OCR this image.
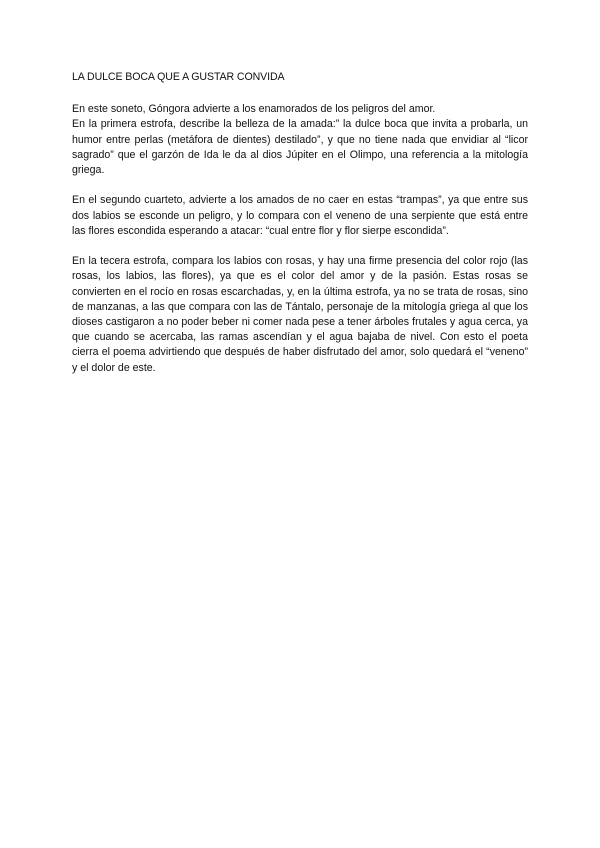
LA DULCE BOCA QUE A GUSTAR CONVIDA

En este soneto, Góngora advierte a los enamorados de los peligros del amor.

En la primera estrofa, describe la belleza de la amada:” la dulce boca que invita a probarla, un humor entre perlas (metáfora de dientes) destilado”, y que no tiene nada que envidiar al “licor sagrado” que el garzón de Ida le da al dios Júpiter en el Olimpo, una referencia a la mitología griega.

En el segundo cuarteto, advierte a los amados de no caer en estas “trampas”, ya que entre sus dos labios se esconde un peligro, y lo compara con el veneno de una serpiente que está entre las flores escondida esperando a atacar: “cual entre flor y flor sierpe escondida”.

En la tecera estrofa, compara los labios con rosas, y hay una firme presencia del color rojo (las rosas, los labios, las flores), ya que es el color del amor y de la pasión. Estas rosas se convierten en el rocío en rosas escarchadas, y, en la última estrofa, ya no se trata de rosas, sino de manzanas, a las que compara con las de Tántalo, personaje de la mitología griega al que los dioses castigaron a no poder beber ni comer nada pese a tener árboles frutales y agua cerca, ya que cuando se acercaba, las ramas ascendían y el agua bajaba de nivel. Con esto el poeta cierra el poema advirtiendo que después de haber disfrutado del amor, solo quedará el “veneno” y el dolor de este.
